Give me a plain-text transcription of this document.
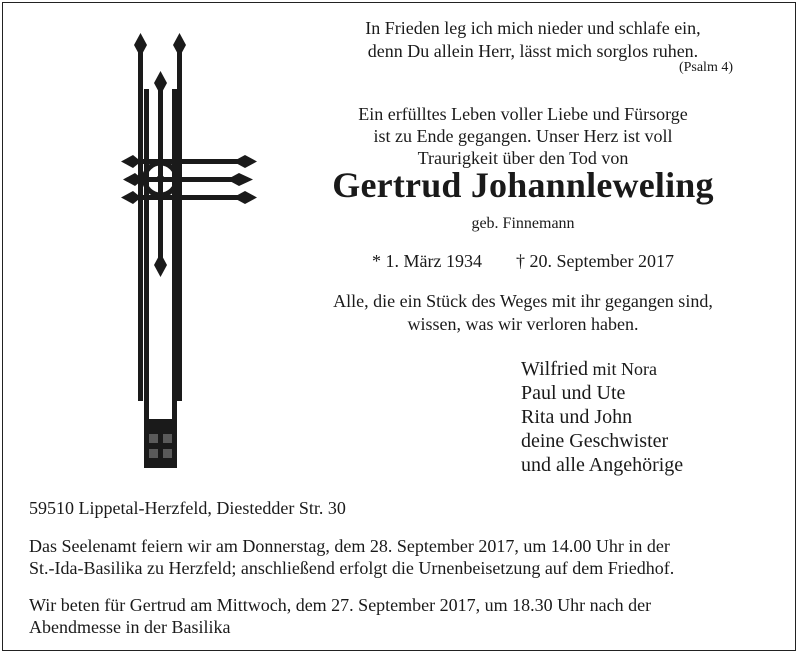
In Frieden leg ich mich nieder und schlafe ein,
denn Du allein Herr, lässt mich sorglos ruhen.
(Psalm 4)
Ein erfülltes Leben voller Liebe und Fürsorge
ist zu Ende gegangen. Unser Herz ist voll
Traurigkeit über den Tod von
Gertrud Johannleweling
geb. Finnemann
* 1. März 1934 † 20. September 2017
Alle, die ein Stück des Weges mit ihr gegangen sind,
wissen, was wir verloren haben.
Wilfried mit Nora
Paul und Ute
Rita und John
deine Geschwister
und alle Angehörige
59510 Lippetal-Herzfeld, Diestedder Str. 30
Das Seelenamt feiern wir am Donnerstag, dem 28. September 2017, um 14.00 Uhr in der
St.-Ida-Basilika zu Herzfeld; anschließend erfolgt die Urnenbeisetzung auf dem Friedhof.
Wir beten für Gertrud am Mittwoch, dem 27. September 2017, um 18.30 Uhr nach der
Abendmesse in der Basilika
